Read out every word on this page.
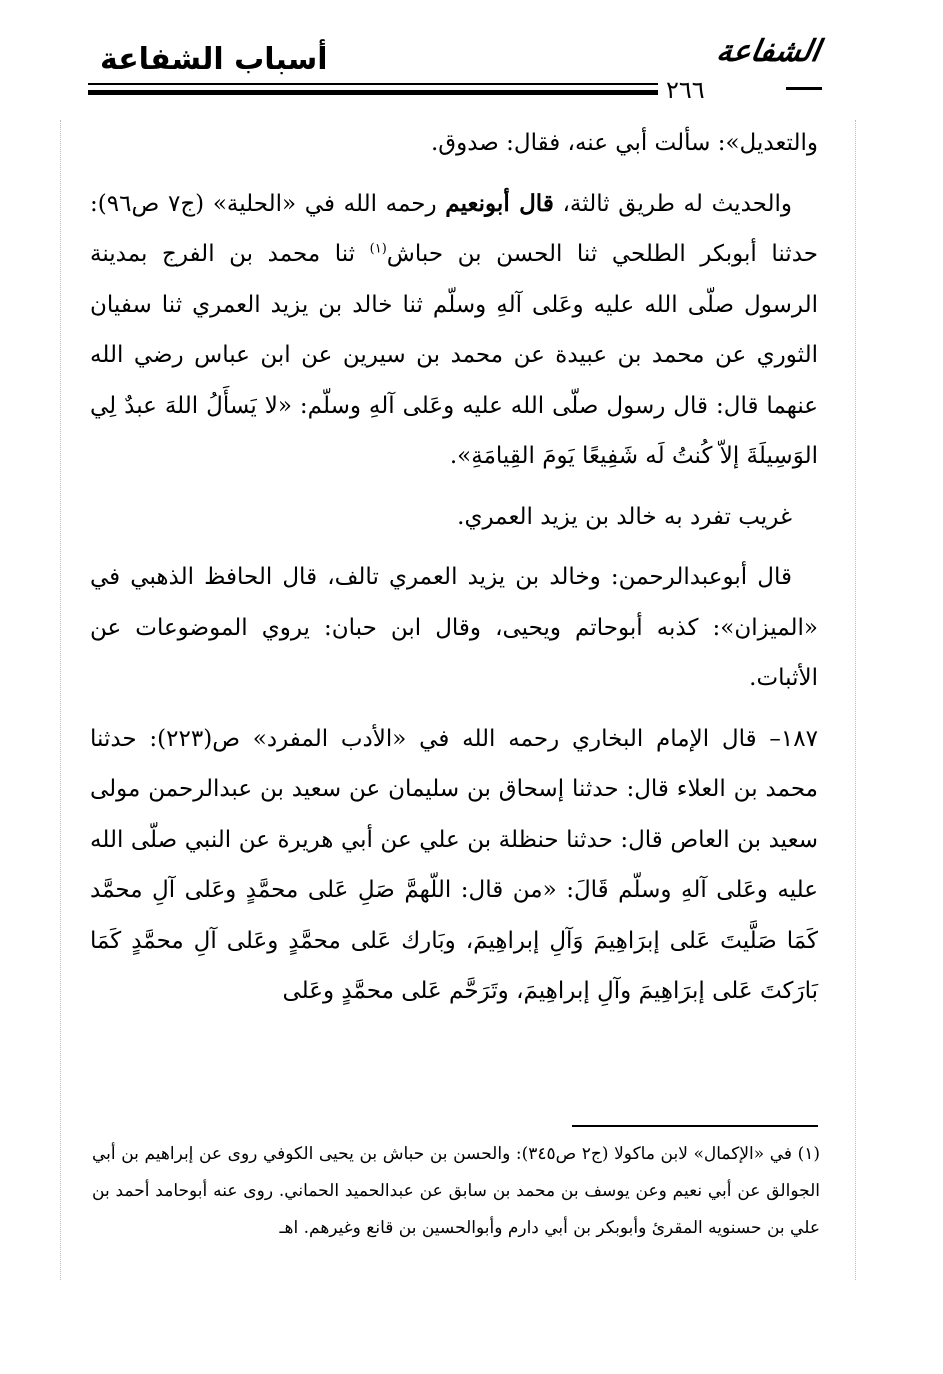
أسباب الشفاعة	الشفاعة
٢٦٦

والتعديل»: سألت أبي عنه، فقال: صدوق.

والحديث له طريق ثالثة، قال أبونعيم رحمه الله في «الحلية» (ج٧ ص٩٦): حدثنا أبوبكر الطلحي ثنا الحسن بن حباش$^{(١)}$ ثنا محمد بن الفرج بمدينة الرسول صلّى الله عليه وعَلى آلهِ وسلّم ثنا خالد بن يزيد العمري ثنا سفيان الثوري عن محمد بن عبيدة عن محمد بن سيرين عن ابن عباس رضي الله عنهما قال: قال رسول صلّى الله عليه وعَلى آلهِ وسلّم: «لا يَسأَلُ اللهَ عبدٌ لِي الوَسِيلَةَ إلاّ كُنتُ لَه شَفِيعًا يَومَ القِيامَةِ».

غريب تفرد به خالد بن يزيد العمري.

قال أبوعبدالرحمن: وخالد بن يزيد العمري تالف، قال الحافظ الذهبي في «الميزان»: كذبه أبوحاتم ويحيى، وقال ابن حبان: يروي الموضوعات عن الأثبات.

١٨٧– قال الإمام البخاري رحمه الله في «الأدب المفرد» ص(٢٢٣): حدثنا محمد بن العلاء قال: حدثنا إسحاق بن سليمان عن سعيد بن عبدالرحمن مولى سعيد بن العاص قال: حدثنا حنظلة بن علي عن أبي هريرة عن النبي صلّى الله عليه وعَلى آلهِ وسلّم قَالَ: «من قال: اللّهمَّ صَلِ عَلى محمَّدٍ وعَلى آلِ محمَّد كَمَا صَلَّيتَ عَلى إبرَاهِيمَ وَآلِ إبراهِيمَ، وبَارك عَلى محمَّدٍ وعَلى آلِ محمَّدٍ كَمَا بَارَكتَ عَلى إبرَاهِيمَ وآلِ إبراهِيمَ، وتَرَحَّم عَلى محمَّدٍ وعَلى

(١) في «الإكمال» لابن ماكولا (ج٢ ص٣٤٥): والحسن بن حباش بن يحيى الكوفي روى عن إبراهيم بن أبي الجوالق عن أبي نعيم وعن يوسف بن محمد بن سابق عن عبدالحميد الحماني. روى عنه أبوحامد أحمد بن علي بن حسنويه المقرئ وأبوبكر بن أبي دارم وأبوالحسين بن قانع وغيرهم. اهـ
